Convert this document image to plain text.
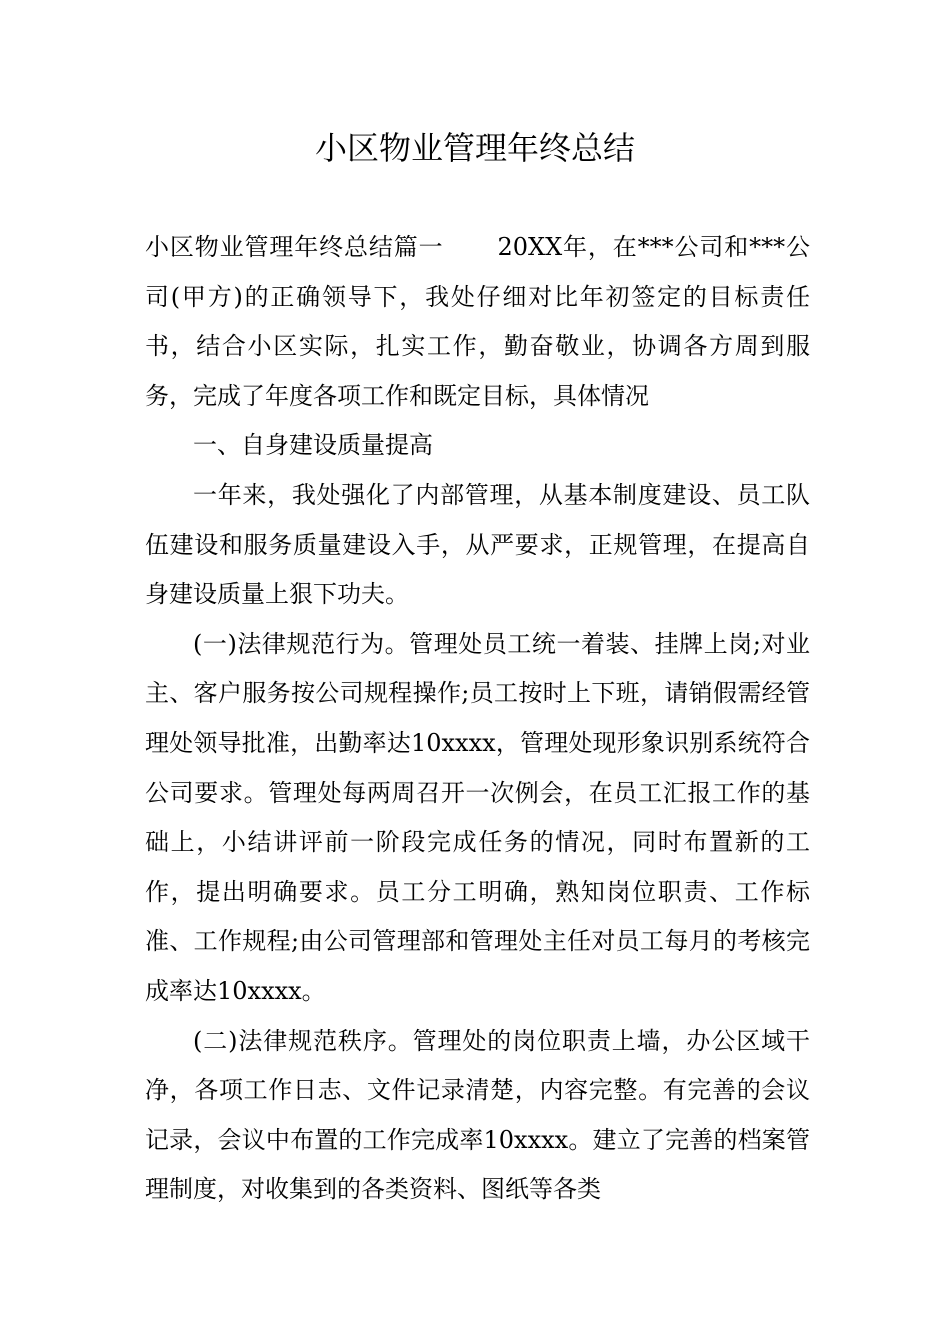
小区物业管理年终总结

小区物业管理年终总结篇一 20XX年，在***公司和***公司(甲方)的正确领导下，我处仔细对比年初签定的目标责任书，结合小区实际，扎实工作，勤奋敬业，协调各方周到服务，完成了年度各项工作和既定目标，具体情况

一、自身建设质量提高

一年来，我处强化了内部管理，从基本制度建设、员工队伍建设和服务质量建设入手，从严要求，正规管理，在提高自身建设质量上狠下功夫。

(一)法律规范行为。管理处员工统一着装、挂牌上岗;对业主、客户服务按公司规程操作;员工按时上下班，请销假需经管理处领导批准，出勤率达10xxxx，管理处现形象识别系统符合公司要求。管理处每两周召开一次例会，在员工汇报工作的基础上，小结讲评前一阶段完成任务的情况，同时布置新的工作，提出明确要求。员工分工明确，熟知岗位职责、工作标准、工作规程;由公司管理部和管理处主任对员工每月的考核完成率达10xxxx。

(二)法律规范秩序。管理处的岗位职责上墙，办公区域干净，各项工作日志、文件记录清楚，内容完整。有完善的会议记录，会议中布置的工作完成率10xxxx。建立了完善的档案管理制度，对收集到的各类资料、图纸等各类
